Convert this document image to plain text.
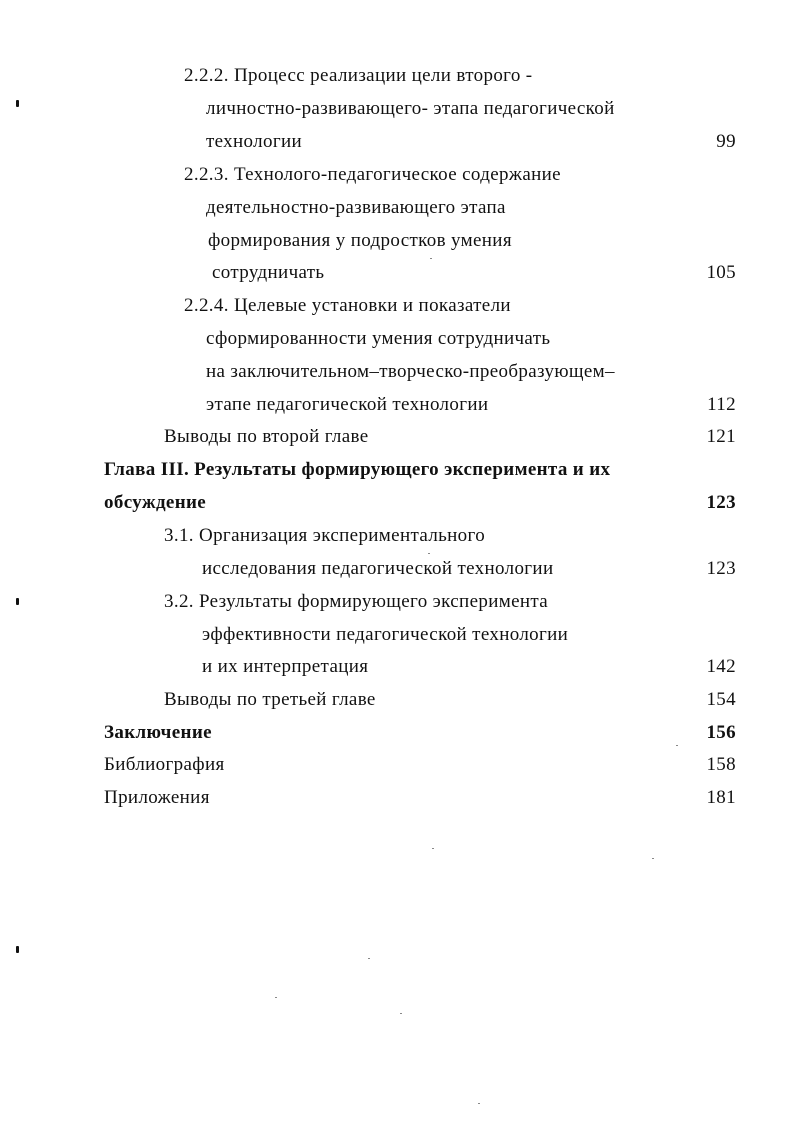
2.2.2. Процесс реализации цели второго -
личностно-развивающего- этапа педагогической
технологии	99
2.2.3. Технолого-педагогическое содержание
деятельностно-развивающего этапа
формирования у подростков умения
сотрудничать	105
2.2.4. Целевые установки и показатели
сформированности умения сотрудничать
на заключительном–творческо-преобразующем–
этапе педагогической технологии	112
Выводы по второй главе	121
Глава III. Результаты формирующего эксперимента и их
обсуждение	123
3.1. Организация экспериментального
исследования педагогической технологии	123
3.2. Результаты формирующего эксперимента
эффективности педагогической технологии
и их интерпретация	142
Выводы по третьей главе	154
Заключение	156
Библиография	158
Приложения	181
